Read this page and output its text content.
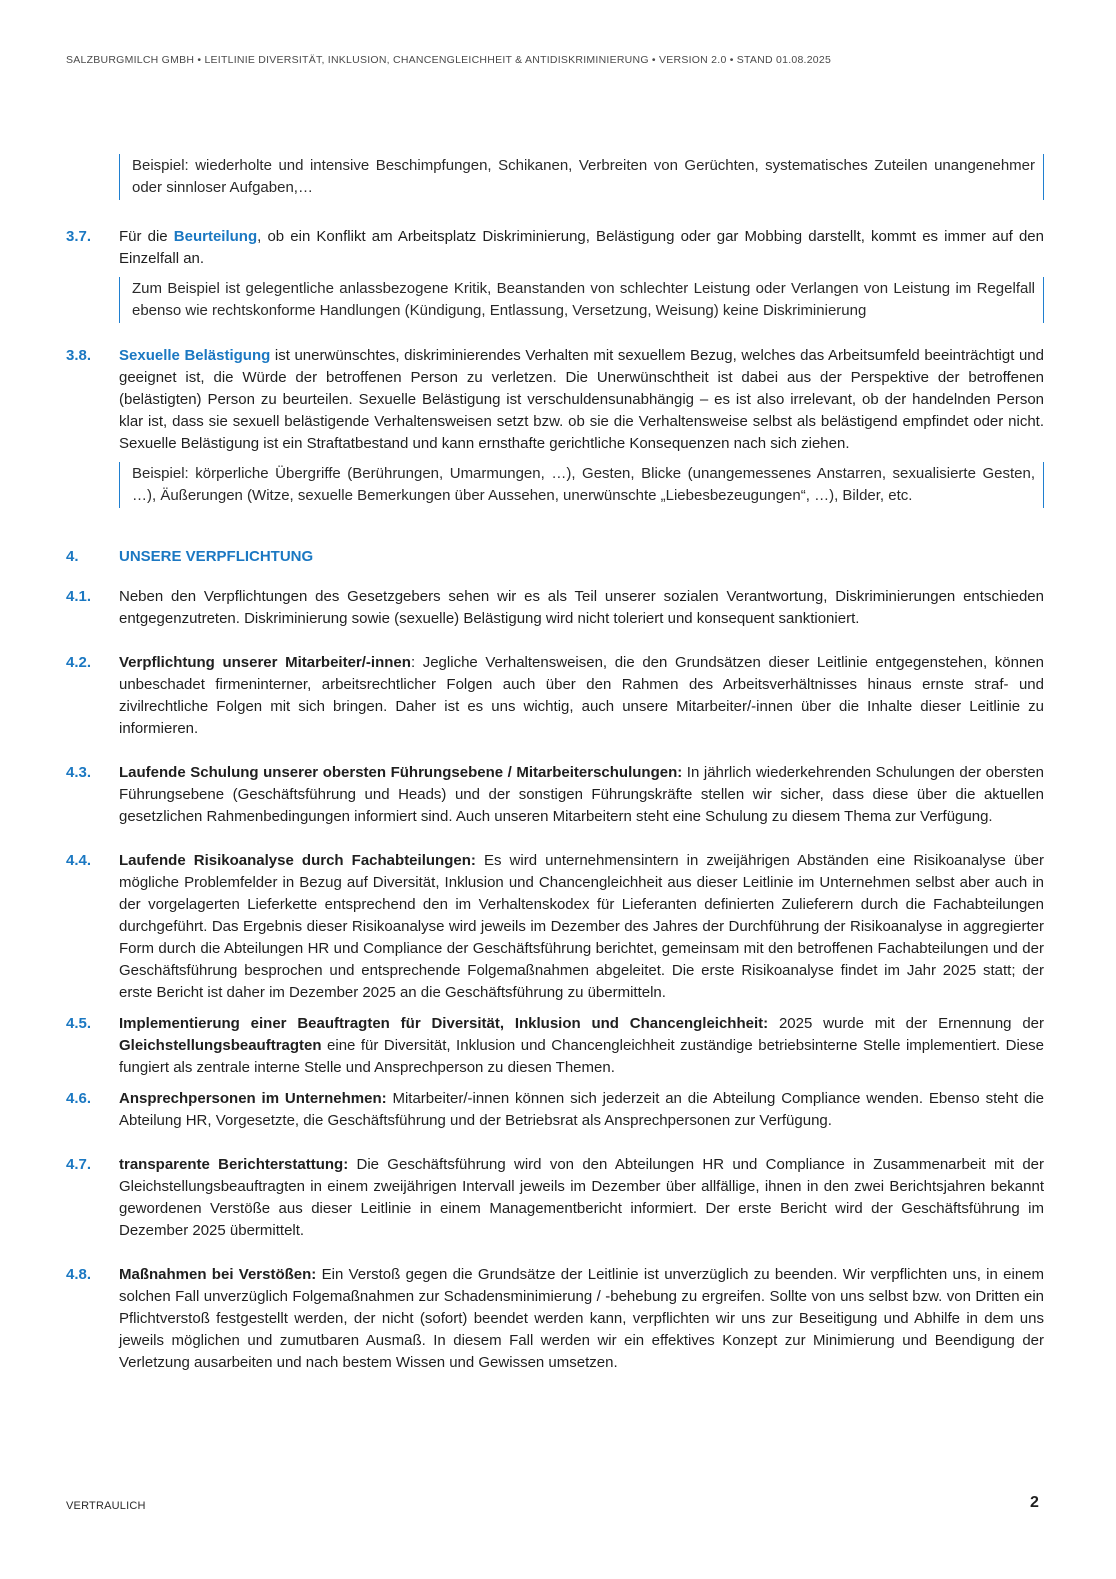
SALZBURGMILCH GMBH • LEITLINIE DIVERSITÄT, INKLUSION, CHANCENGLEICHHEIT & ANTIDISKRIMINIERUNG • VERSION 2.0 • STAND 01.08.2025
Beispiel: wiederholte und intensive Beschimpfungen, Schikanen, Verbreiten von Gerüchten, systematisches Zuteilen unangenehmer oder sinnloser Aufgaben,…
3.7.	Für die Beurteilung, ob ein Konflikt am Arbeitsplatz Diskriminierung, Belästigung oder gar Mobbing darstellt, kommt es immer auf den Einzelfall an.
Zum Beispiel ist gelegentliche anlassbezogene Kritik, Beanstanden von schlechter Leistung oder Verlangen von Leistung im Regelfall ebenso wie rechtskonforme Handlungen (Kündigung, Entlassung, Versetzung, Weisung) keine Diskriminierung
3.8.	Sexuelle Belästigung ist unerwünschtes, diskriminierendes Verhalten mit sexuellem Bezug, welches das Arbeitsumfeld beeinträchtigt und geeignet ist, die Würde der betroffenen Person zu verletzen. Die Unerwünschtheit ist dabei aus der Perspektive der betroffenen (belästigten) Person zu beurteilen. Sexuelle Belästigung ist verschuldensunabhängig – es ist also irrelevant, ob der handelnden Person klar ist, dass sie sexuell belästigende Verhaltensweisen setzt bzw. ob sie die Verhaltensweise selbst als belästigend empfindet oder nicht. Sexuelle Belästigung ist ein Straftatbestand und kann ernsthafte gerichtliche Konsequenzen nach sich ziehen.
Beispiel: körperliche Übergriffe (Berührungen, Umarmungen, …), Gesten, Blicke (unangemessenes Anstarren, sexualisierte Gesten, …), Äußerungen (Witze, sexuelle Bemerkungen über Aussehen, unerwünschte „Liebesbezeugungen“, …), Bilder, etc.
4.	UNSERE VERPFLICHTUNG
4.1.	Neben den Verpflichtungen des Gesetzgebers sehen wir es als Teil unserer sozialen Verantwortung, Diskriminierungen entschieden entgegenzutreten. Diskriminierung sowie (sexuelle) Belästigung wird nicht toleriert und konsequent sanktioniert.
4.2.	Verpflichtung unserer Mitarbeiter/-innen: Jegliche Verhaltensweisen, die den Grundsätzen dieser Leitlinie entgegenstehen, können unbeschadet firmeninterner, arbeitsrechtlicher Folgen auch über den Rahmen des Arbeitsverhältnisses hinaus ernste straf- und zivilrechtliche Folgen mit sich bringen. Daher ist es uns wichtig, auch unsere Mitarbeiter/-innen über die Inhalte dieser Leitlinie zu informieren.
4.3.	Laufende Schulung unserer obersten Führungsebene / Mitarbeiterschulungen: In jährlich wiederkehrenden Schulungen der obersten Führungsebene (Geschäftsführung und Heads) und der sonstigen Führungskräfte stellen wir sicher, dass diese über die aktuellen gesetzlichen Rahmenbedingungen informiert sind. Auch unseren Mitarbeitern steht eine Schulung zu diesem Thema zur Verfügung.
4.4.	Laufende Risikoanalyse durch Fachabteilungen: Es wird unternehmensintern in zweijährigen Abständen eine Risikoanalyse über mögliche Problemfelder in Bezug auf Diversität, Inklusion und Chancengleichheit aus dieser Leitlinie im Unternehmen selbst aber auch in der vorgelagerten Lieferkette entsprechend den im Verhaltenskodex für Lieferanten definierten Zulieferern durch die Fachabteilungen durchgeführt. Das Ergebnis dieser Risikoanalyse wird jeweils im Dezember des Jahres der Durchführung der Risikoanalyse in aggregierter Form durch die Abteilungen HR und Compliance der Geschäftsführung berichtet, gemeinsam mit den betroffenen Fachabteilungen und der Geschäftsführung besprochen und entsprechende Folgemaßnahmen abgeleitet. Die erste Risikoanalyse findet im Jahr 2025 statt; der erste Bericht ist daher im Dezember 2025 an die Geschäftsführung zu übermitteln.
4.5.	Implementierung einer Beauftragten für Diversität, Inklusion und Chancengleichheit: 2025 wurde mit der Ernennung der Gleichstellungsbeauftragten eine für Diversität, Inklusion und Chancengleichheit zuständige betriebsinterne Stelle implementiert. Diese fungiert als zentrale interne Stelle und Ansprechperson zu diesen Themen.
4.6.	Ansprechpersonen im Unternehmen: Mitarbeiter/-innen können sich jederzeit an die Abteilung Compliance wenden. Ebenso steht die Abteilung HR, Vorgesetzte, die Geschäftsführung und der Betriebsrat als Ansprechpersonen zur Verfügung.
4.7.	transparente Berichterstattung: Die Geschäftsführung wird von den Abteilungen HR und Compliance in Zusammenarbeit mit der Gleichstellungsbeauftragten in einem zweijährigen Intervall jeweils im Dezember über allfällige, ihnen in den zwei Berichtsjahren bekannt gewordenen Verstöße aus dieser Leitlinie in einem Managementbericht informiert. Der erste Bericht wird der Geschäftsführung im Dezember 2025 übermittelt.
4.8.	Maßnahmen bei Verstößen: Ein Verstoß gegen die Grundsätze der Leitlinie ist unverzüglich zu beenden. Wir verpflichten uns, in einem solchen Fall unverzüglich Folgemaßnahmen zur Schadensminimierung / -behebung zu ergreifen. Sollte von uns selbst bzw. von Dritten ein Pflichtverstoß festgestellt werden, der nicht (sofort) beendet werden kann, verpflichten wir uns zur Beseitigung und Abhilfe in dem uns jeweils möglichen und zumutbaren Ausmaß. In diesem Fall werden wir ein effektives Konzept zur Minimierung und Beendigung der Verletzung ausarbeiten und nach bestem Wissen und Gewissen umsetzen.
VERTRAULICH	2
